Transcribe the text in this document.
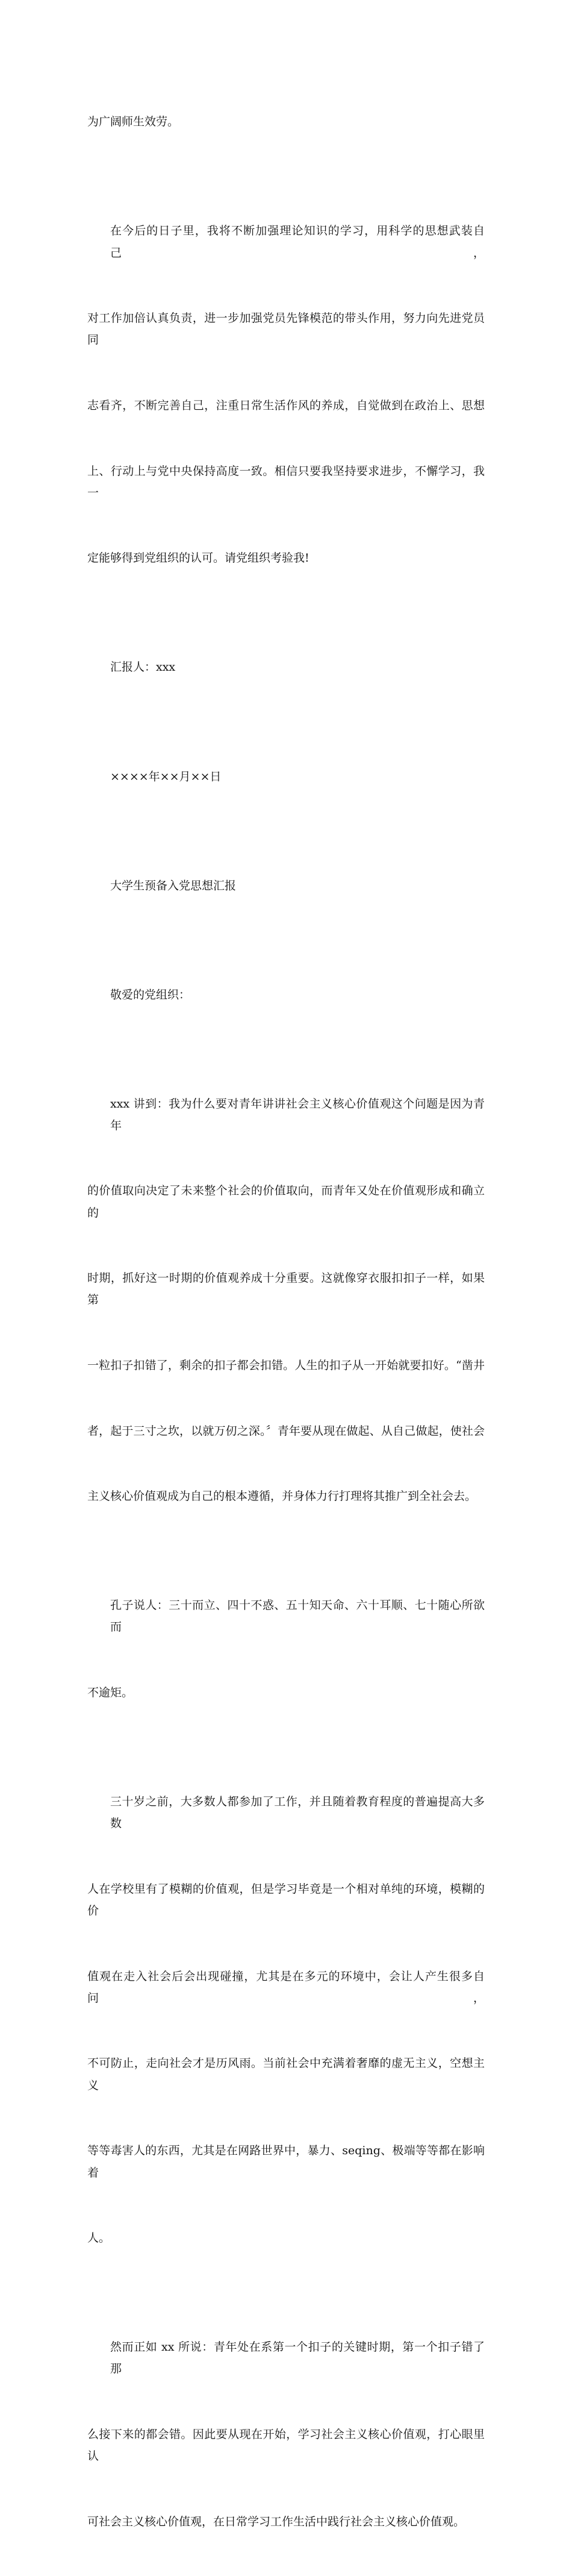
为广阔师生效劳。

在今后的日子里，我将不断加强理论知识的学习，用科学的思想武装自己，

对工作加倍认真负责，进一步加强党员先锋模范的带头作用，努力向先进党员同

志看齐，不断完善自己，注重日常生活作风的养成，自觉做到在政治上、思想

上、行动上与党中央保持高度一致。相信只要我坚持要求进步，不懈学习，我一

定能够得到党组织的认可。请党组织考验我!

汇报人：xxx

××××年××月××日

大学生预备入党思想汇报

敬爱的党组织：

xxx 讲到：我为什么要对青年讲讲社会主义核心价值观这个问题是因为青年

的价值取向决定了未来整个社会的价值取向，而青年又处在价值观形成和确立的

时期，抓好这一时期的价值观养成十分重要。这就像穿衣服扣扣子一样，如果第

一粒扣子扣错了，剩余的扣子都会扣错。人生的扣子从一开始就要扣好。“凿井

者，起于三寸之坎，以就万仞之深。〞青年要从现在做起、从自己做起，使社会

主义核心价值观成为自己的根本遵循，并身体力行打理将其推广到全社会去。

孔子说人：三十而立、四十不惑、五十知天命、六十耳顺、七十随心所欲而

不逾矩。

三十岁之前，大多数人都参加了工作，并且随着教育程度的普遍提高大多数

人在学校里有了模糊的价值观，但是学习毕竟是一个相对单纯的环境，模糊的价

值观在走入社会后会出现碰撞，尤其是在多元的环境中，会让人产生很多自问，

不可防止，走向社会才是历风雨。当前社会中充满着奢靡的虚无主义，空想主义

等等毒害人的东西，尤其是在网路世界中，暴力、seqing、极端等等都在影响着

人。

然而正如 xx 所说：青年处在系第一个扣子的关键时期，第一个扣子错了那

么接下来的都会错。因此要从现在开始，学习社会主义核心价值观，打心眼里认

可社会主义核心价值观，在日常学习工作生活中践行社会主义核心价值观。
